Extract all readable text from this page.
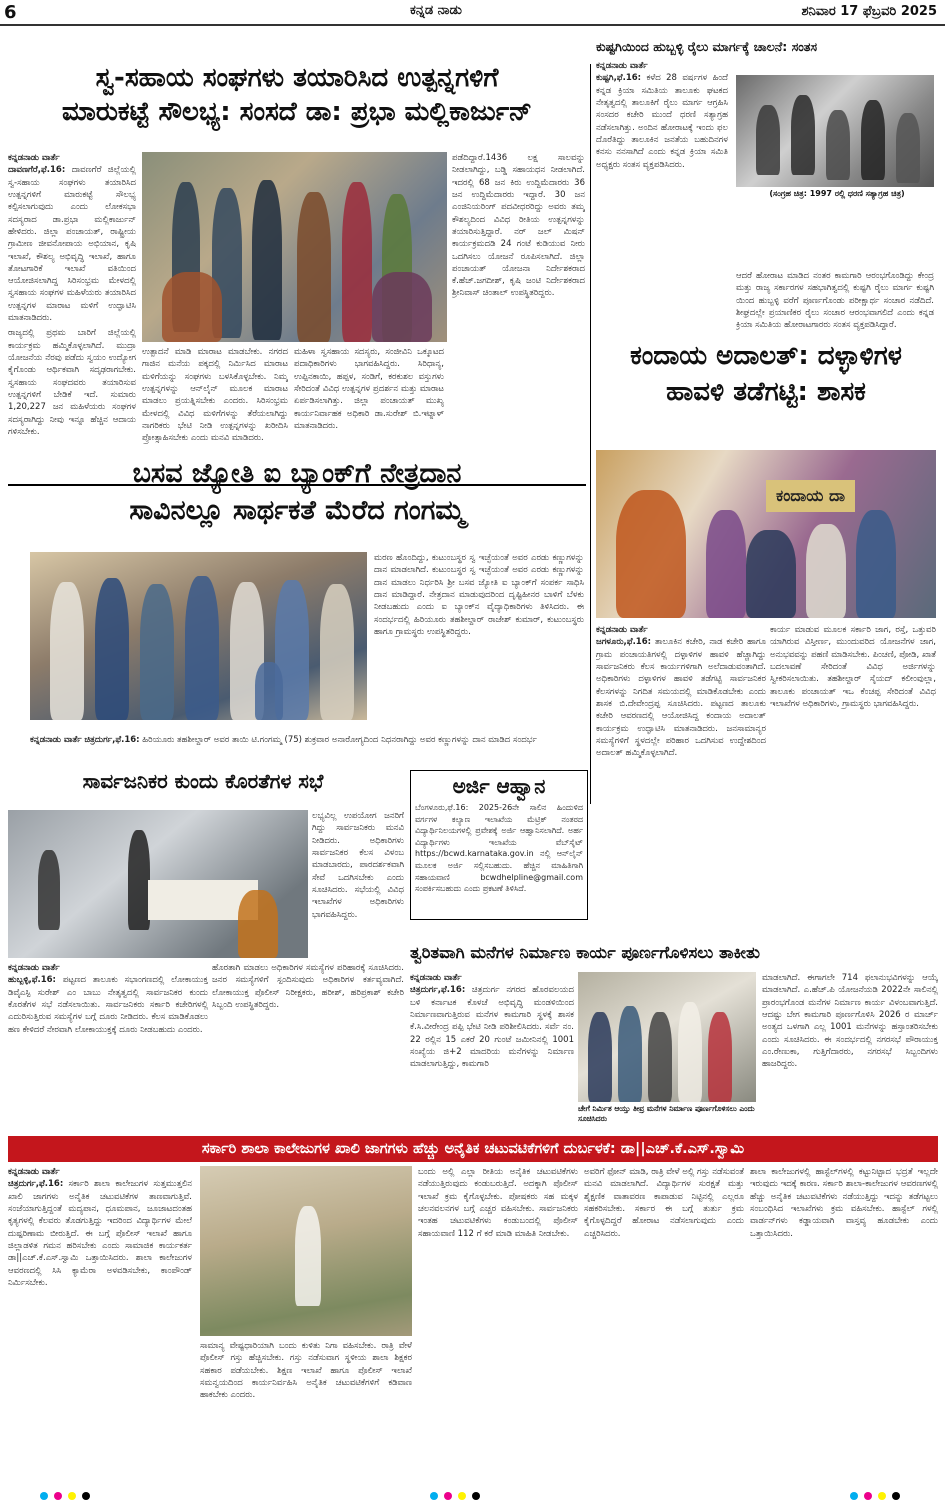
6	ಕನ್ನಡ ನಾಡು	ಶನಿವಾರ 17 ಫೆಬ್ರವರಿ 2025
ಸ್ವ-ಸಹಾಯ ಸಂಘಗಳು ತಯಾರಿಸಿದ ಉತ್ಪನ್ನಗಳಿಗೆ
ಮಾರುಕಟ್ಟೆ ಸೌಲಭ್ಯ: ಸಂಸದೆ ಡಾ: ಪ್ರಭಾ ಮಲ್ಲಿಕಾರ್ಜುನ್
ಕನ್ನಡನಾಡು ವಾರ್ತೆ
ದಾವಣಗೆರೆ,ಫೆ.16: ದಾವಣಗೆರೆ ಜಿಲ್ಲೆಯಲ್ಲಿ ಸ್ವ-ಸಹಾಯ ಸಂಘಗಳು ತಯಾರಿಸಿದ ಉತ್ಪನ್ನಗಳಿಗೆ ಮಾರುಕಟ್ಟೆ ಸೌಲಭ್ಯ ಕಲ್ಪಿಸಲಾಗುವುದು ಎಂದು ಲೋಕಸಭಾ ಸದಸ್ಯರಾದ ಡಾ.ಪ್ರಭಾ ಮಲ್ಲಿಕಾರ್ಜುನ್ ಹೇಳಿದರು. ಜಿಲ್ಲಾ ಪಂಚಾಯತ್, ರಾಷ್ಟ್ರೀಯ ಗ್ರಾಮೀಣ ಜೀವನೋಪಾಯ ಅಭಿಯಾನ, ಕೃಷಿ ಇಲಾಖೆ, ಕೌಶಲ್ಯ ಅಭಿವೃದ್ಧಿ ಇಲಾಖೆ, ಹಾಗೂ ತೋಟಗಾರಿಕೆ ಇಲಾಖೆ ವತಿಯಿಂದ ಆಯೋಜಿಸಲಾಗಿದ್ದ ಸಿರಿಸಂಭ್ರಮ ಮೇಳದಲ್ಲಿ ಸ್ವಸಹಾಯ ಸಂಘಗಳ ಮಹಿಳೆಯರು ತಯಾರಿಸಿದ ಉತ್ಪನ್ನಗಳ ಮಾರಾಟ ಮಳಿಗೆ ಉದ್ಘಾಟಿಸಿ ಮಾತನಾಡಿದರು.

ರಾಜ್ಯದಲ್ಲಿ ಪ್ರಥಮ ಬಾರಿಗೆ ಜಿಲ್ಲೆಯಲ್ಲಿ ಕಾರ್ಯಕ್ರಮ ಹಮ್ಮಿಕೊಳ್ಳಲಾಗಿದೆ. ಮುದ್ರಾ ಯೋಜನೆಯ ನೆರವು ಪಡೆದು ಸ್ವಯಂ ಉದ್ಯೋಗ ಕೈಗೊಂಡು ಆರ್ಥಿಕವಾಗಿ ಸದೃಢರಾಗಬೇಕು. ಸ್ವಸಹಾಯ ಸಂಘದವರು ತಯಾರಿಸುವ ಉತ್ಪನ್ನಗಳಿಗೆ ಬೇಡಿಕೆ ಇದೆ. ಸುಮಾರು 1,20,227 ಜನ ಮಹಿಳೆಯರು ಸಂಘಗಳ ಸದಸ್ಯರಾಗಿದ್ದು ನೀವು ಇನ್ನೂ ಹೆಚ್ಚಿನ ಆದಾಯ ಗಳಿಸಬೇಕು.

ಉತ್ಪಾದನೆ ಮಾಡಿ ಮಾರಾಟ ಮಾಡಬೇಕು. ನಗರದ ಗಾಜಿನ ಮನೆಯ ಪಕ್ಕದಲ್ಲಿ ನಿರ್ಮಿಸಿದ ಮಾರಾಟ ಮಳಿಗೆಯನ್ನು ಸಂಘಗಳು ಬಳಸಿಕೊಳ್ಳಬೇಕು. ನಿಮ್ಮ ಉತ್ಪನ್ನಗಳನ್ನು ಆನ್‌ಲೈನ್ ಮೂಲಕ ಮಾರಾಟ ಮಾಡಲು ಪ್ರಯತ್ನಿಸಬೇಕು ಎಂದರು. ಸಿರಿಸಂಭ್ರಮ ಮೇಳದಲ್ಲಿ ವಿವಿಧ ಮಳಿಗೆಗಳನ್ನು ತೆರೆಯಲಾಗಿದ್ದು ನಾಗರಿಕರು ಭೇಟಿ ನೀಡಿ ಉತ್ಪನ್ನಗಳನ್ನು ಖರೀದಿಸಿ ಪ್ರೋತ್ಸಾಹಿಸಬೇಕು ಎಂದು ಮನವಿ ಮಾಡಿದರು.
ಮಹಿಳಾ ಸ್ವಸಹಾಯ ಸದಸ್ಯರು, ಸಂಜೀವಿನಿ ಒಕ್ಕೂಟದ ಪದಾಧಿಕಾರಿಗಳು ಭಾಗವಹಿಸಿದ್ದರು. ಸಿರಿಧಾನ್ಯ, ಉಪ್ಪಿನಕಾಯಿ, ಹಪ್ಪಳ, ಸಂಡಿಗೆ, ಕರಕುಶಲ ವಸ್ತುಗಳು ಸೇರಿದಂತೆ ವಿವಿಧ ಉತ್ಪನ್ನಗಳ ಪ್ರದರ್ಶನ ಮತ್ತು ಮಾರಾಟ ಏರ್ಪಡಿಸಲಾಗಿತ್ತು. ಜಿಲ್ಲಾ ಪಂಚಾಯತ್ ಮುಖ್ಯ ಕಾರ್ಯನಿರ್ವಾಹಕ ಅಧಿಕಾರಿ ಡಾ.ಸುರೇಶ್ ಬಿ.ಇಟ್ನಾಳ್ ಮಾತನಾಡಿದರು.
ಪಡೆದಿದ್ದಾರೆ.1436 ಲಕ್ಷ ಸಾಲವನ್ನು ನೀಡಲಾಗಿದ್ದು, ಬಡ್ಡಿ ಸಹಾಯಧನ ನೀಡಲಾಗಿದೆ. ಇದರಲ್ಲಿ 68 ಜನ ಕಿರು ಉದ್ದಿಮೆದಾರರು 36 ಜನ ಉದ್ದಿಮೆದಾರರು ಇದ್ದಾರೆ. 30 ಜನ ಎಂಜಿನಿಯರಿಂಗ್ ಪದವೀಧರರಿದ್ದು ಅವರು ತಮ್ಮ ಕೌಶಲ್ಯದಿಂದ ವಿವಿಧ ರೀತಿಯ ಉತ್ಪನ್ನಗಳನ್ನು ತಯಾರಿಸುತ್ತಿದ್ದಾರೆ. ನರ್‌ ಜಲ್ ಮಿಷನ್ ಕಾರ್ಯಕ್ರಮದಡಿ 24 ಗಂಟೆ ಕುಡಿಯುವ ನೀರು ಒದಗಿಸಲು ಯೋಜನೆ ರೂಪಿಸಲಾಗಿದೆ. ಜಿಲ್ಲಾ ಪಂಚಾಯತ್ ಯೋಜನಾ ನಿರ್ದೇಶಕರಾದ ಕೆ.ಹೆಚ್.ಜಗದೀಶ್, ಕೃಷಿ ಜಂಟಿ ನಿರ್ದೇಶಕರಾದ ಶ್ರೀನಿವಾಸ್ ಚಿಂತಾಲ್ ಉಪಸ್ಥಿತರಿದ್ದರು.
ಕುಷ್ಟಗಿಯಿಂದ ಹುಬ್ಬಳ್ಳಿ ರೈಲು ಮಾರ್ಗಕ್ಕೆ ಚಾಲನೆ: ಸಂತಸ
ಕನ್ನಡನಾಡು ವಾರ್ತೆ
ಕುಷ್ಟಗಿ,ಫೆ.16: ಕಳೆದ 28 ವರ್ಷಗಳ ಹಿಂದೆ ಕನ್ನಡ ಕ್ರಿಯಾ ಸಮಿತಿಯ ತಾಲೂಕು ಘಟಕದ ನೇತೃತ್ವದಲ್ಲಿ ತಾಲೂಕಿಗೆ ರೈಲು ಮಾರ್ಗ ಆಗ್ರಹಿಸಿ ಸಂಸದರ ಕಚೇರಿ ಮುಂದೆ ಧರಣಿ ಸತ್ಯಾಗ್ರಹ ನಡೆಸಲಾಗಿತ್ತು. ಅಂದಿನ ಹೋರಾಟಕ್ಕೆ ಇಂದು ಫಲ ದೊರೆತಿದ್ದು ತಾಲೂಕಿನ ಜನತೆಯ ಬಹುದಿನಗಳ ಕನಸು ನನಸಾಗಿದೆ ಎಂದು ಕನ್ನಡ ಕ್ರಿಯಾ ಸಮಿತಿ ಅಧ್ಯಕ್ಷರು ಸಂತಸ ವ್ಯಕ್ತಪಡಿಸಿದರು.
(ಸಂಗ್ರಹ ಚಿತ್ರ: 1997 ರಲ್ಲಿ ಧರಣಿ ಸತ್ಯಾಗ್ರಹ ಚಿತ್ರ)
ಆದರೆ ಹೋರಾಟ ಮಾಡಿದ ನಂತರ ಕಾಮಗಾರಿ ಆರಂಭಗೊಂಡಿದ್ದು ಕೇಂದ್ರ ಮತ್ತು ರಾಜ್ಯ ಸರ್ಕಾರಗಳ ಸಹಭಾಗಿತ್ವದಲ್ಲಿ ಕುಷ್ಟಗಿ ರೈಲು ಮಾರ್ಗ ಕುಷ್ಟಗಿ ಯಿಂದ ಹುಬ್ಬಳ್ಳಿ ವರೆಗೆ ಪೂರ್ಣಗೊಂಡು ಪರೀಕ್ಷಾರ್ಥ ಸಂಚಾರ ನಡೆದಿದೆ. ಶೀಘ್ರದಲ್ಲೇ ಪ್ರಯಾಣಿಕರ ರೈಲು ಸಂಚಾರ ಆರಂಭವಾಗಲಿದೆ ಎಂದು ಕನ್ನಡ ಕ್ರಿಯಾ ಸಮಿತಿಯ ಹೋರಾಟಗಾರರು ಸಂತಸ ವ್ಯಕ್ತಪಡಿಸಿದ್ದಾರೆ.
ಬಸವ ಜ್ಯೋತಿ ಐ ಬ್ಯಾಂಕ್‌ಗೆ ನೇತ್ರದಾನ
ಸಾವಿನಲ್ಲೂ ಸಾರ್ಥಕತೆ ಮೆರೆದ ಗಂಗಮ್ಮ
ಮರಣ ಹೊಂದಿದ್ದು, ಕುಟುಂಬಸ್ಥರ ಸ್ವ ಇಚ್ಛೆಯಂತೆ ಅವರ ಎರಡು ಕಣ್ಣುಗಳನ್ನು ದಾನ ಮಾಡಲಾಗಿದೆ. ಕುಟುಂಬಸ್ಥರ ಸ್ವ ಇಚ್ಛೆಯಂತೆ ಅವರ ಎರಡು ಕಣ್ಣುಗಳನ್ನು ದಾನ ಮಾಡಲು ನಿರ್ಧರಿಸಿ ಶ್ರೀ ಬಸವ ಜ್ಯೋತಿ ಐ ಬ್ಯಾಂಕ್‌ಗೆ ಸಂಪರ್ಕ ಸಾಧಿಸಿ ದಾನ ಮಾಡಿದ್ದಾರೆ. ನೇತ್ರದಾನ ಮಾಡುವುದರಿಂದ ದೃಷ್ಟಿಹೀನರ ಬಾಳಿಗೆ ಬೆಳಕು ನೀಡಬಹುದು ಎಂದು ಐ ಬ್ಯಾಂಕ್‌ನ ವೈದ್ಯಾಧಿಕಾರಿಗಳು ತಿಳಿಸಿದರು. ಈ ಸಂದರ್ಭದಲ್ಲಿ ಹಿರಿಯೂರು ತಹಶೀಲ್ದಾರ್ ರಾಜೇಶ್ ಕುಮಾರ್, ಕುಟುಂಬಸ್ಥರು ಹಾಗೂ ಗ್ರಾಮಸ್ಥರು ಉಪಸ್ಥಿತರಿದ್ದರು.
ಕನ್ನಡನಾಡು ವಾರ್ತೆ ಚಿತ್ರದುರ್ಗ,ಫೆ.16: ಹಿರಿಯೂರು ತಹಶೀಲ್ದಾರ್ ಅವರ ತಾಯಿ ಟಿ.ಗಂಗಮ್ಮ (75) ಶುಕ್ರವಾರ ಅನಾರೋಗ್ಯದಿಂದ ನಿಧನರಾಗಿದ್ದು ಅವರ ಕಣ್ಣುಗಳನ್ನು ದಾನ ಮಾಡಿದ ಸಂದರ್ಭ
ಕಂದಾಯ ಅದಾಲತ್: ದಳ್ಳಾಳಿಗಳ
ಹಾವಳಿ ತಡೆಗಟ್ಟಿ: ಶಾಸಕ
ಕಂದಾಯ ದಾ
ಕನ್ನಡನಾಡು ವಾರ್ತೆ
ಜಗಳೂರು,ಫೆ.16: ತಾಲೂಕಿನ ಕಚೇರಿ, ನಾಡ ಕಚೇರಿ ಹಾಗೂ ಗ್ರಾಮ ಪಂಚಾಯತಿಗಳಲ್ಲಿ ದಳ್ಳಾಳಿಗಳ ಹಾವಳಿ ಹೆಚ್ಚಾಗಿದ್ದು ಸಾರ್ವಜನಿಕರು ಕೆಲಸ ಕಾರ್ಯಗಳಿಗಾಗಿ ಅಲೆದಾಡುವಂತಾಗಿದೆ. ಅಧಿಕಾರಿಗಳು ದಳ್ಳಾಳಿಗಳ ಹಾವಳಿ ತಡೆಗಟ್ಟಿ ಸಾರ್ವಜನಿಕರ ಕೆಲಸಗಳನ್ನು ನಿಗದಿತ ಸಮಯದಲ್ಲಿ ಮಾಡಿಕೊಡಬೇಕು ಎಂದು ಶಾಸಕ ಬಿ.ದೇವೇಂದ್ರಪ್ಪ ಸೂಚಿಸಿದರು. ಪಟ್ಟಣದ ತಾಲೂಕು ಕಚೇರಿ ಆವರಣದಲ್ಲಿ ಆಯೋಜಿಸಿದ್ದ ಕಂದಾಯ ಅದಾಲತ್ ಕಾರ್ಯಕ್ರಮ ಉದ್ಘಾಟಿಸಿ ಮಾತನಾಡಿದರು. ಜನಸಾಮಾನ್ಯರ ಸಮಸ್ಯೆಗಳಿಗೆ ಸ್ಥಳದಲ್ಲೇ ಪರಿಹಾರ ಒದಗಿಸುವ ಉದ್ದೇಶದಿಂದ ಅದಾಲತ್ ಹಮ್ಮಿಕೊಳ್ಳಲಾಗಿದೆ.
ಕಾರ್ಯ ಮಾಡುವ ಮೂಲಕ ಸರ್ಕಾರಿ ಜಾಗ, ರಸ್ತೆ, ಒತ್ತುವರಿ ಯಾಗಿರುವ ವಿಸ್ತೀರ್ಣ, ಮುಂದುವರಿದ ಯೋಜನೆಗಳ ಜಾಗ, ಅನುಭವವನ್ನು ಪಹಣಿ ಮಾಡಿಸಬೇಕು. ಪಿಂಚಣಿ, ಪೋಡಿ, ಖಾತೆ ಬದಲಾವಣೆ ಸೇರಿದಂತೆ ವಿವಿಧ ಅರ್ಜಿಗಳನ್ನು ಸ್ವೀಕರಿಸಲಾಯಿತು. ತಹಶೀಲ್ದಾರ್ ಸೈಯದ್ ಕಲೀಂವುಲ್ಲಾ, ತಾಲೂಕು ಪಂಚಾಯತ್ ಇಒ ಕೆಂಚಪ್ಪ ಸೇರಿದಂತೆ ವಿವಿಧ ಇಲಾಖೆಗಳ ಅಧಿಕಾರಿಗಳು, ಗ್ರಾಮಸ್ಥರು ಭಾಗವಹಿಸಿದ್ದರು.
ಸಾರ್ವಜನಿಕರ ಕುಂದು ಕೊರತೆಗಳ ಸಭೆ
ಕನ್ನಡನಾಡು ವಾರ್ತೆ
ಹುಬ್ಬಳ್ಳಿ,ಫೆ.16: ಪಟ್ಟಣದ ತಾಲೂಕು ಸಭಾಂಗಣದಲ್ಲಿ ಲೋಕಾಯುಕ್ತ ಡಿವೈಎಸ್ಪಿ ಸುರೇಶ್ ಎಂ ಬಾಬು ನೇತೃತ್ವದಲ್ಲಿ ಸಾರ್ವಜನಿಕರ ಕುಂದು ಕೊರತೆಗಳ ಸಭೆ ನಡೆಸಲಾಯಿತು. ಸಾರ್ವಜನಿಕರು ಸರ್ಕಾರಿ ಕಚೇರಿಗಳಲ್ಲಿ ಎದುರಿಸುತ್ತಿರುವ ಸಮಸ್ಯೆಗಳ ಬಗ್ಗೆ ದೂರು ನೀಡಿದರು. ಕೆಲಸ ಮಾಡಿಕೊಡಲು ಹಣ ಕೇಳಿದರೆ ನೇರವಾಗಿ ಲೋಕಾಯುಕ್ತಕ್ಕೆ ದೂರು ನೀಡಬಹುದು ಎಂದರು.
ಲಭ್ಯವಿಲ್ಲ ಉಪಯೋಗ ಜನರಿಗೆ ಗಿದ್ದು ಸಾರ್ವಜನಿಕರು ಮನವಿ ನೀಡಿದರು. ಅಧಿಕಾರಿಗಳು ಸಾರ್ವಜನಿಕರ ಕೆಲಸ ವಿಳಂಬ ಮಾಡಬಾರದು, ಪಾರದರ್ಶಕವಾಗಿ ಸೇವೆ ಒದಗಿಸಬೇಕು ಎಂದು ಸೂಚಿಸಿದರು. ಸಭೆಯಲ್ಲಿ ವಿವಿಧ ಇಲಾಖೆಗಳ ಅಧಿಕಾರಿಗಳು ಭಾಗವಹಿಸಿದ್ದರು.
ಹೊರತಾಗಿ ಮಾಡಲು ಅಧಿಕಾರಿಗಳ ಸಮಸ್ಯೆಗಳ ಪರಿಹಾರಕ್ಕೆ ಸೂಚಿಸಿದರು. ಜನರ ಸಮಸ್ಯೆಗಳಿಗೆ ಸ್ಪಂದಿಸುವುದು ಅಧಿಕಾರಿಗಳ ಕರ್ತವ್ಯವಾಗಿದೆ. ಲೋಕಾಯುಕ್ತ ಪೊಲೀಸ್ ನಿರೀಕ್ಷಕರು, ಹರೀಶ್, ಹರಿಪ್ರಕಾಶ್ ಕಚೇರಿ ಸಿಬ್ಬಂದಿ ಉಪಸ್ಥಿತರಿದ್ದರು.
ಅರ್ಜಿ ಆಹ್ವಾನ
ಬೆಂಗಳೂರು,ಫೆ.16: 2025-26ನೇ ಸಾಲಿನ ಹಿಂದುಳಿದ ವರ್ಗಗಳ ಕಲ್ಯಾಣ ಇಲಾಖೆಯ ಮೆಟ್ರಿಕ್ ನಂತರದ ವಿದ್ಯಾರ್ಥಿನಿಲಯಗಳಲ್ಲಿ ಪ್ರವೇಶಕ್ಕೆ ಅರ್ಜಿ ಆಹ್ವಾನಿಸಲಾಗಿದೆ. ಅರ್ಹ ವಿದ್ಯಾರ್ಥಿಗಳು ಇಲಾಖೆಯ ವೆಬ್‌ಸೈಟ್ https://bcwd.karnataka.gov.in ನಲ್ಲಿ ಆನ್‌ಲೈನ್ ಮೂಲಕ ಅರ್ಜಿ ಸಲ್ಲಿಸಬಹುದು. ಹೆಚ್ಚಿನ ಮಾಹಿತಿಗಾಗಿ ಸಹಾಯವಾಣಿ bcwdhelpline@gmail.com ಸಂಪರ್ಕಿಸಬಹುದು ಎಂದು ಪ್ರಕಟಣೆ ತಿಳಿಸಿದೆ.
ತ್ವರಿತವಾಗಿ ಮನೆಗಳ ನಿರ್ಮಾಣ ಕಾರ್ಯ ಪೂರ್ಣಗೊಳಿಸಲು ತಾಕೀತು
ಕನ್ನಡನಾಡು ವಾರ್ತೆ
ಚಿತ್ರದುರ್ಗ,ಫೆ.16: ಚಿತ್ರದುರ್ಗ ನಗರದ ಹೊರವಲಯದ ಬಳಿ ಕರ್ನಾಟಕ ಕೊಳಚೆ ಅಭಿವೃದ್ಧಿ ಮಂಡಳಿಯಿಂದ ನಿರ್ಮಾಣವಾಗುತ್ತಿರುವ ಮನೆಗಳ ಕಾಮಗಾರಿ ಸ್ಥಳಕ್ಕೆ ಶಾಸಕ ಕೆ.ಸಿ.ವೀರೇಂದ್ರ ಪಪ್ಪಿ ಭೇಟಿ ನೀಡಿ ಪರಿಶೀಲಿಸಿದರು. ಸರ್ವೆ ನಂ. 22 ರಲ್ಲಿನ 15 ಎಕರೆ 20 ಗುಂಟೆ ಜಮೀನಿನಲ್ಲಿ 1001 ಸಂಖ್ಯೆಯ ಜಿ+2 ಮಾದರಿಯ ಮನೆಗಳನ್ನು ನಿರ್ಮಾಣ ಮಾಡಲಾಗುತ್ತಿದ್ದು, ಕಾಮಗಾರಿ
ಚೇಗೆ ನಿರ್ಮಿತ ಆಯ್ತು ತೀವ್ರ ಮನೆಗಳ ನಿರ್ಮಾಣ ಪೂರ್ಣಗೊಳಿಸಲು ಎಂದು ಸೂಚಿಸಿದರು
ಮಾಡಲಾಗಿದೆ. ಈಗಾಗಲೇ 714 ಫಲಾನುಭವಿಗಳನ್ನು ಆಯ್ಕೆ ಮಾಡಲಾಗಿದೆ. ಎ.ಹೆಚ್.ಪಿ ಯೋಜನೆಯಡಿ 2022ನೇ ಸಾಲಿನಲ್ಲಿ ಪ್ರಾರಂಭಗೊಂಡ ಮನೆಗಳ ನಿರ್ಮಾಣ ಕಾರ್ಯ ವಿಳಂಬವಾಗುತ್ತಿದೆ. ಆದಷ್ಟು ಬೇಗ ಕಾಮಗಾರಿ ಪೂರ್ಣಗೊಳಿಸಿ 2026 ರ ಮಾರ್ಚ್ ಅಂತ್ಯದ ಒಳಗಾಗಿ ಎಲ್ಲ 1001 ಮನೆಗಳನ್ನು ಹಸ್ತಾಂತರಿಸಬೇಕು ಎಂದು ಸೂಚಿಸಿದರು. ಈ ಸಂದರ್ಭದಲ್ಲಿ ನಗರಸಭೆ ಪೌರಾಯುಕ್ತ ಎಂ.ರೇಣುಕಾ, ಗುತ್ತಿಗೆದಾರರು, ನಗರಸಭೆ ಸಿಬ್ಬಂದಿಗಳು ಹಾಜರಿದ್ದರು.
ಸರ್ಕಾರಿ ಶಾಲಾ ಕಾಲೇಜುಗಳ ಖಾಲಿ ಜಾಗಗಳು ಹೆಚ್ಚು ಅನೈತಿಕ ಚಟುವಟಿಕೆಗಳಿಗೆ ದುರ್ಬಳಕೆ: ಡಾ||ಎಚ್.ಕೆ.ಎಸ್.ಸ್ವಾಮಿ
ಕನ್ನಡನಾಡು ವಾರ್ತೆ
ಚಿತ್ರದುರ್ಗ,ಫೆ.16: ಸರ್ಕಾರಿ ಶಾಲಾ ಕಾಲೇಜುಗಳ ಸುತ್ತಮುತ್ತಲಿನ ಖಾಲಿ ಜಾಗಗಳು ಅನೈತಿಕ ಚಟುವಟಿಕೆಗಳ ತಾಣವಾಗುತ್ತಿವೆ. ಸಂಜೆಯಾಗುತ್ತಿದ್ದಂತೆ ಮದ್ಯಪಾನ, ಧೂಮಪಾನ, ಜೂಜಾಟದಂತಹ ಕೃತ್ಯಗಳಲ್ಲಿ ಕೆಲವರು ತೊಡಗುತ್ತಿದ್ದು ಇದರಿಂದ ವಿದ್ಯಾರ್ಥಿಗಳ ಮೇಲೆ ದುಷ್ಪರಿಣಾಮ ಬೀರುತ್ತಿದೆ. ಈ ಬಗ್ಗೆ ಪೊಲೀಸ್ ಇಲಾಖೆ ಹಾಗೂ ಜಿಲ್ಲಾಡಳಿತ ಗಮನ ಹರಿಸಬೇಕು ಎಂದು ಸಾಮಾಜಿಕ ಕಾರ್ಯಕರ್ತ ಡಾ||ಎಚ್.ಕೆ.ಎಸ್.ಸ್ವಾಮಿ ಒತ್ತಾಯಿಸಿದರು. ಶಾಲಾ ಕಾಲೇಜುಗಳ ಆವರಣದಲ್ಲಿ ಸಿಸಿ ಕ್ಯಾಮೆರಾ ಅಳವಡಿಸಬೇಕು, ಕಾಂಪೌಂಡ್ ನಿರ್ಮಿಸಬೇಕು.
ಸಾಮಾನ್ಯ ವೇಷ್ಟಧಾರಿಯಾಗಿ ಬಂದು ಕುಳಿತು ನಿಗಾ ವಹಿಸಬೇಕು. ರಾತ್ರಿ ವೇಳೆ ಪೊಲೀಸ್ ಗಸ್ತು ಹೆಚ್ಚಿಸಬೇಕು. ಗಸ್ತು ನಡೆಸುವಾಗ ಸ್ಥಳೀಯ ಶಾಲಾ ಶಿಕ್ಷಕರ ಸಹಕಾರ ಪಡೆಯಬೇಕು. ಶಿಕ್ಷಣ ಇಲಾಖೆ ಹಾಗೂ ಪೊಲೀಸ್ ಇಲಾಖೆ ಸಮನ್ವಯದಿಂದ ಕಾರ್ಯನಿರ್ವಹಿಸಿ ಅನೈತಿಕ ಚಟುವಟಿಕೆಗಳಿಗೆ ಕಡಿವಾಣ ಹಾಕಬೇಕು ಎಂದರು.
ಬಂದು ಅಲ್ಲಿ ಎಲ್ಲಾ ರೀತಿಯ ಅನೈತಿಕ ಚಟುವಟಿಕೆಗಳು ನಡೆಯುತ್ತಿರುವುದು ಕಂಡುಬರುತ್ತಿದೆ. ಅದಕ್ಕಾಗಿ ಪೊಲೀಸ್ ಇಲಾಖೆ ಕ್ರಮ ಕೈಗೊಳ್ಳಬೇಕು. ಪೋಷಕರು ಸಹ ಮಕ್ಕಳ ಚಲನವಲನಗಳ ಬಗ್ಗೆ ಎಚ್ಚರ ವಹಿಸಬೇಕು. ಸಾರ್ವಜನಿಕರು ಇಂತಹ ಚಟುವಟಿಕೆಗಳು ಕಂಡುಬಂದಲ್ಲಿ ಪೊಲೀಸ್ ಸಹಾಯವಾಣಿ 112 ಗೆ ಕರೆ ಮಾಡಿ ಮಾಹಿತಿ ನೀಡಬೇಕು.
ಅವರಿಗೆ ಫೋನ್ ಮಾಡಿ, ರಾತ್ರಿ ವೇಳೆ ಅಲ್ಲಿ ಗಸ್ತು ನಡೆಸುವಂತೆ ಮನವಿ ಮಾಡಲಾಗಿದೆ. ವಿದ್ಯಾರ್ಥಿಗಳ ಸುರಕ್ಷತೆ ಮತ್ತು ಶೈಕ್ಷಣಿಕ ವಾತಾವರಣ ಕಾಪಾಡುವ ನಿಟ್ಟಿನಲ್ಲಿ ಎಲ್ಲರೂ ಸಹಕರಿಸಬೇಕು. ಸರ್ಕಾರ ಈ ಬಗ್ಗೆ ತುರ್ತು ಕ್ರಮ ಕೈಗೊಳ್ಳದಿದ್ದರೆ ಹೋರಾಟ ನಡೆಸಲಾಗುವುದು ಎಂದು ಎಚ್ಚರಿಸಿದರು.
ಶಾಲಾ ಕಾಲೇಜುಗಳಲ್ಲಿ ಹಾಸ್ಟೆಲ್‌ಗಳಲ್ಲಿ ಕಟ್ಟುನಿಟ್ಟಾದ ಭದ್ರತೆ ಇಲ್ಲದೇ ಇರುವುದು ಇದಕ್ಕೆ ಕಾರಣ. ಸರ್ಕಾರಿ ಶಾಲಾ-ಕಾಲೇಜುಗಳ ಆವರಣಗಳಲ್ಲಿ ಹೆಚ್ಚು ಅನೈತಿಕ ಚಟುವಟಿಕೆಗಳು ನಡೆಯುತ್ತಿದ್ದು ಇದನ್ನು ತಡೆಗಟ್ಟಲು ಸಂಬಂಧಿಸಿದ ಇಲಾಖೆಗಳು ಕ್ರಮ ವಹಿಸಬೇಕು. ಹಾಸ್ಟೆಲ್ ಗಳಲ್ಲಿ ವಾರ್ಡನ್‌ಗಳು ಕಡ್ಡಾಯವಾಗಿ ವಾಸ್ತವ್ಯ ಹೂಡಬೇಕು ಎಂದು ಒತ್ತಾಯಿಸಿದರು.
